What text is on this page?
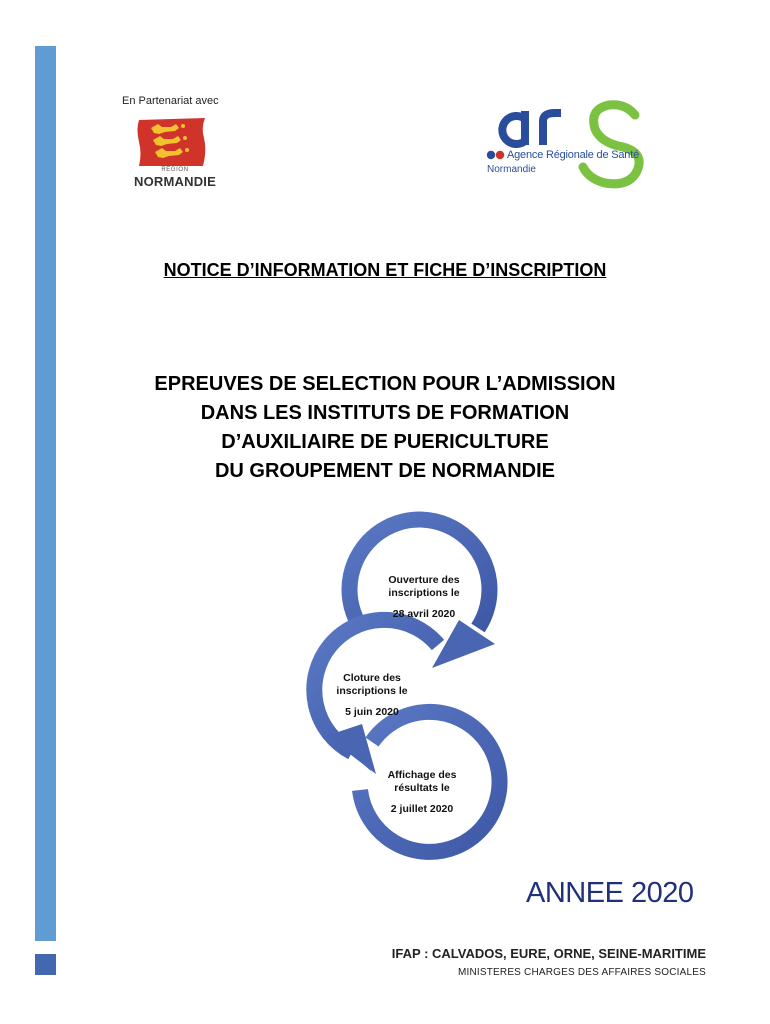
En Partenariat avec
RÉGION
NORMANDIE
Agence Régionale de Santé
Normandie
NOTICE D’INFORMATION ET FICHE D’INSCRIPTION
EPREUVES DE SELECTION POUR L’ADMISSION
DANS LES INSTITUTS DE FORMATION
D’AUXILIAIRE DE PUERICULTURE
DU GROUPEMENT DE NORMANDIE
Ouverture des
inscriptions le
28 avril 2020
Cloture des
inscriptions le
5 juin 2020
Affichage des
résultats le
2 juillet 2020
ANNEE 2020
IFAP : CALVADOS, EURE, ORNE, SEINE-MARITIME
MINISTERES CHARGES DES AFFAIRES SOCIALES
